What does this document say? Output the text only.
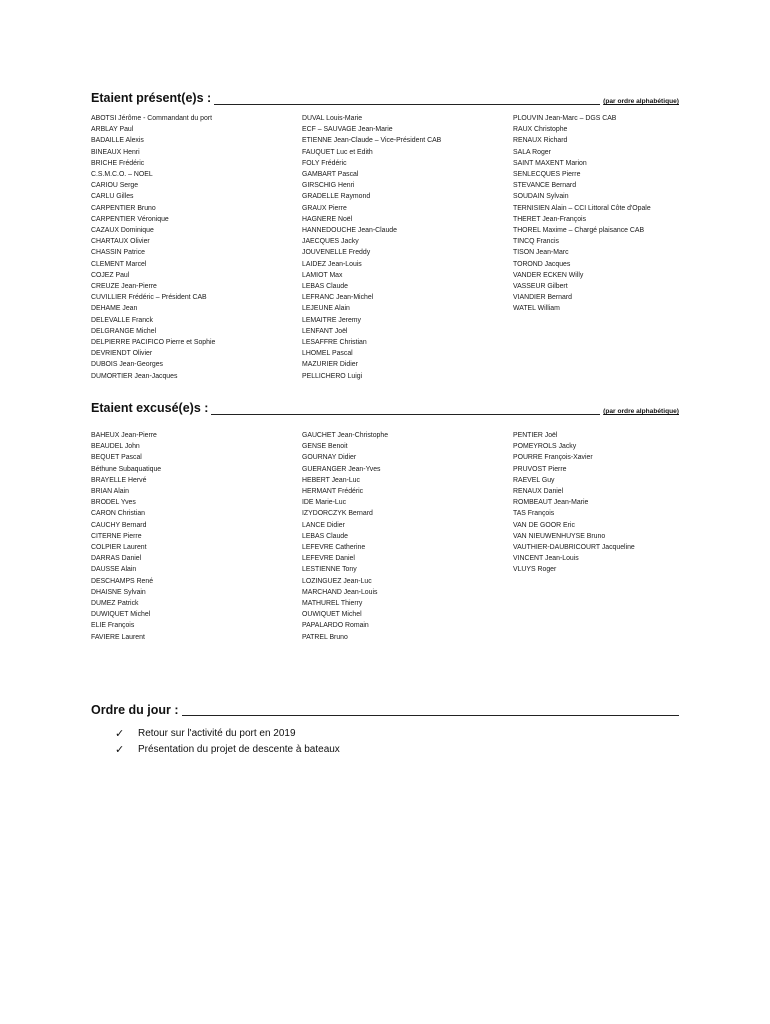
Etaient présent(e)s :	(par ordre alphabétique)
ABOTSI Jérôme - Commandant du port
ARBLAY Paul
BADAILLE Alexis
BINEAUX Henri
BRICHE Frédéric
C.S.M.C.O. – NOEL
CARIOU Serge
CARLU Gilles
CARPENTIER Bruno
CARPENTIER Véronique
CAZAUX Dominique
CHARTAUX Olivier
CHASSIN Patrice
CLEMENT Marcel
COJEZ Paul
CREUZE Jean-Pierre
CUVILLIER Frédéric – Président CAB
DEHAME Jean
DELEVALLE Franck
DELGRANGE Michel
DELPIERRE PACIFICO Pierre et Sophie
DEVRIENDT Olivier
DUBOIS Jean-Georges
DUMORTIER Jean-Jacques
DUVAL Louis-Marie
ECF – SAUVAGE Jean-Marie
ETIENNE Jean-Claude – Vice-Président CAB
FAUQUET Luc et Edith
FOLY Frédéric
GAMBART Pascal
GIRSCHIG Henri
GRADELLE Raymond
GRAUX Pierre
HAGNERE Noël
HANNEDOUCHE Jean-Claude
JAECQUES Jacky
JOUVENELLE Freddy
LAIDEZ Jean-Louis
LAMIOT Max
LEBAS Claude
LEFRANC Jean-Michel
LEJEUNE Alain
LEMAITRE Jeremy
LENFANT Joël
LESAFFRE Christian
LHOMEL Pascal
MAZURIER Didier
PELLICHERO Luigi
PLOUVIN Jean-Marc – DGS CAB
RAUX Christophe
RENAUX Richard
SALA Roger
SAINT MAXENT Marion
SENLECQUES Pierre
STEVANCE Bernard
SOUDAIN Sylvain
TERNISIEN Alain – CCI Littoral Côte d'Opale
THERET Jean-François
THOREL Maxime – Chargé plaisance CAB
TINCQ Francis
TISON Jean-Marc
TOROND Jacques
VANDER ECKEN Willy
VASSEUR Gilbert
VIANDIER Bernard
WATEL William
Etaient excusé(e)s :	(par ordre alphabétique)
BAHEUX Jean-Pierre
BEAUDEL John
BEQUET Pascal
Béthune Subaquatique
BRAYELLE Hervé
BRIAN Alain
BRODEL Yves
CARON Christian
CAUCHY Bernard
CITERNE Pierre
COLPIER Laurent
DARRAS Daniel
DAUSSE Alain
DESCHAMPS René
DHAISNE Sylvain
DUMEZ Patrick
DUWIQUET Michel
ELIE François
FAVIERE Laurent
GAUCHET Jean-Christophe
GENSE Benoit
GOURNAY Didier
GUERANGER Jean-Yves
HEBERT Jean-Luc
HERMANT Frédéric
IDE Marie-Luc
IZYDORCZYK Bernard
LANCE Didier
LEBAS Claude
LEFEVRE Catherine
LEFEVRE Daniel
LESTIENNE Tony
LOZINGUEZ Jean-Luc
MARCHAND Jean-Louis
MATHUREL Thierry
OUWIQUET Michel
PAPALARDO Romain
PATREL Bruno
PENTIER Joël
POMEYROLS Jacky
POURRE François-Xavier
PRUVOST Pierre
RAEVEL Guy
RENAUX Daniel
ROMBEAUT Jean-Marie
TAS François
VAN DE GOOR Eric
VAN NIEUWENHUYSE Bruno
VAUTHIER-DAUBRICOURT Jacqueline
VINCENT Jean-Louis
VLUYS Roger
Ordre du jour :
✓	Retour sur l'activité du port en 2019
✓	Présentation du projet de descente à bateaux
